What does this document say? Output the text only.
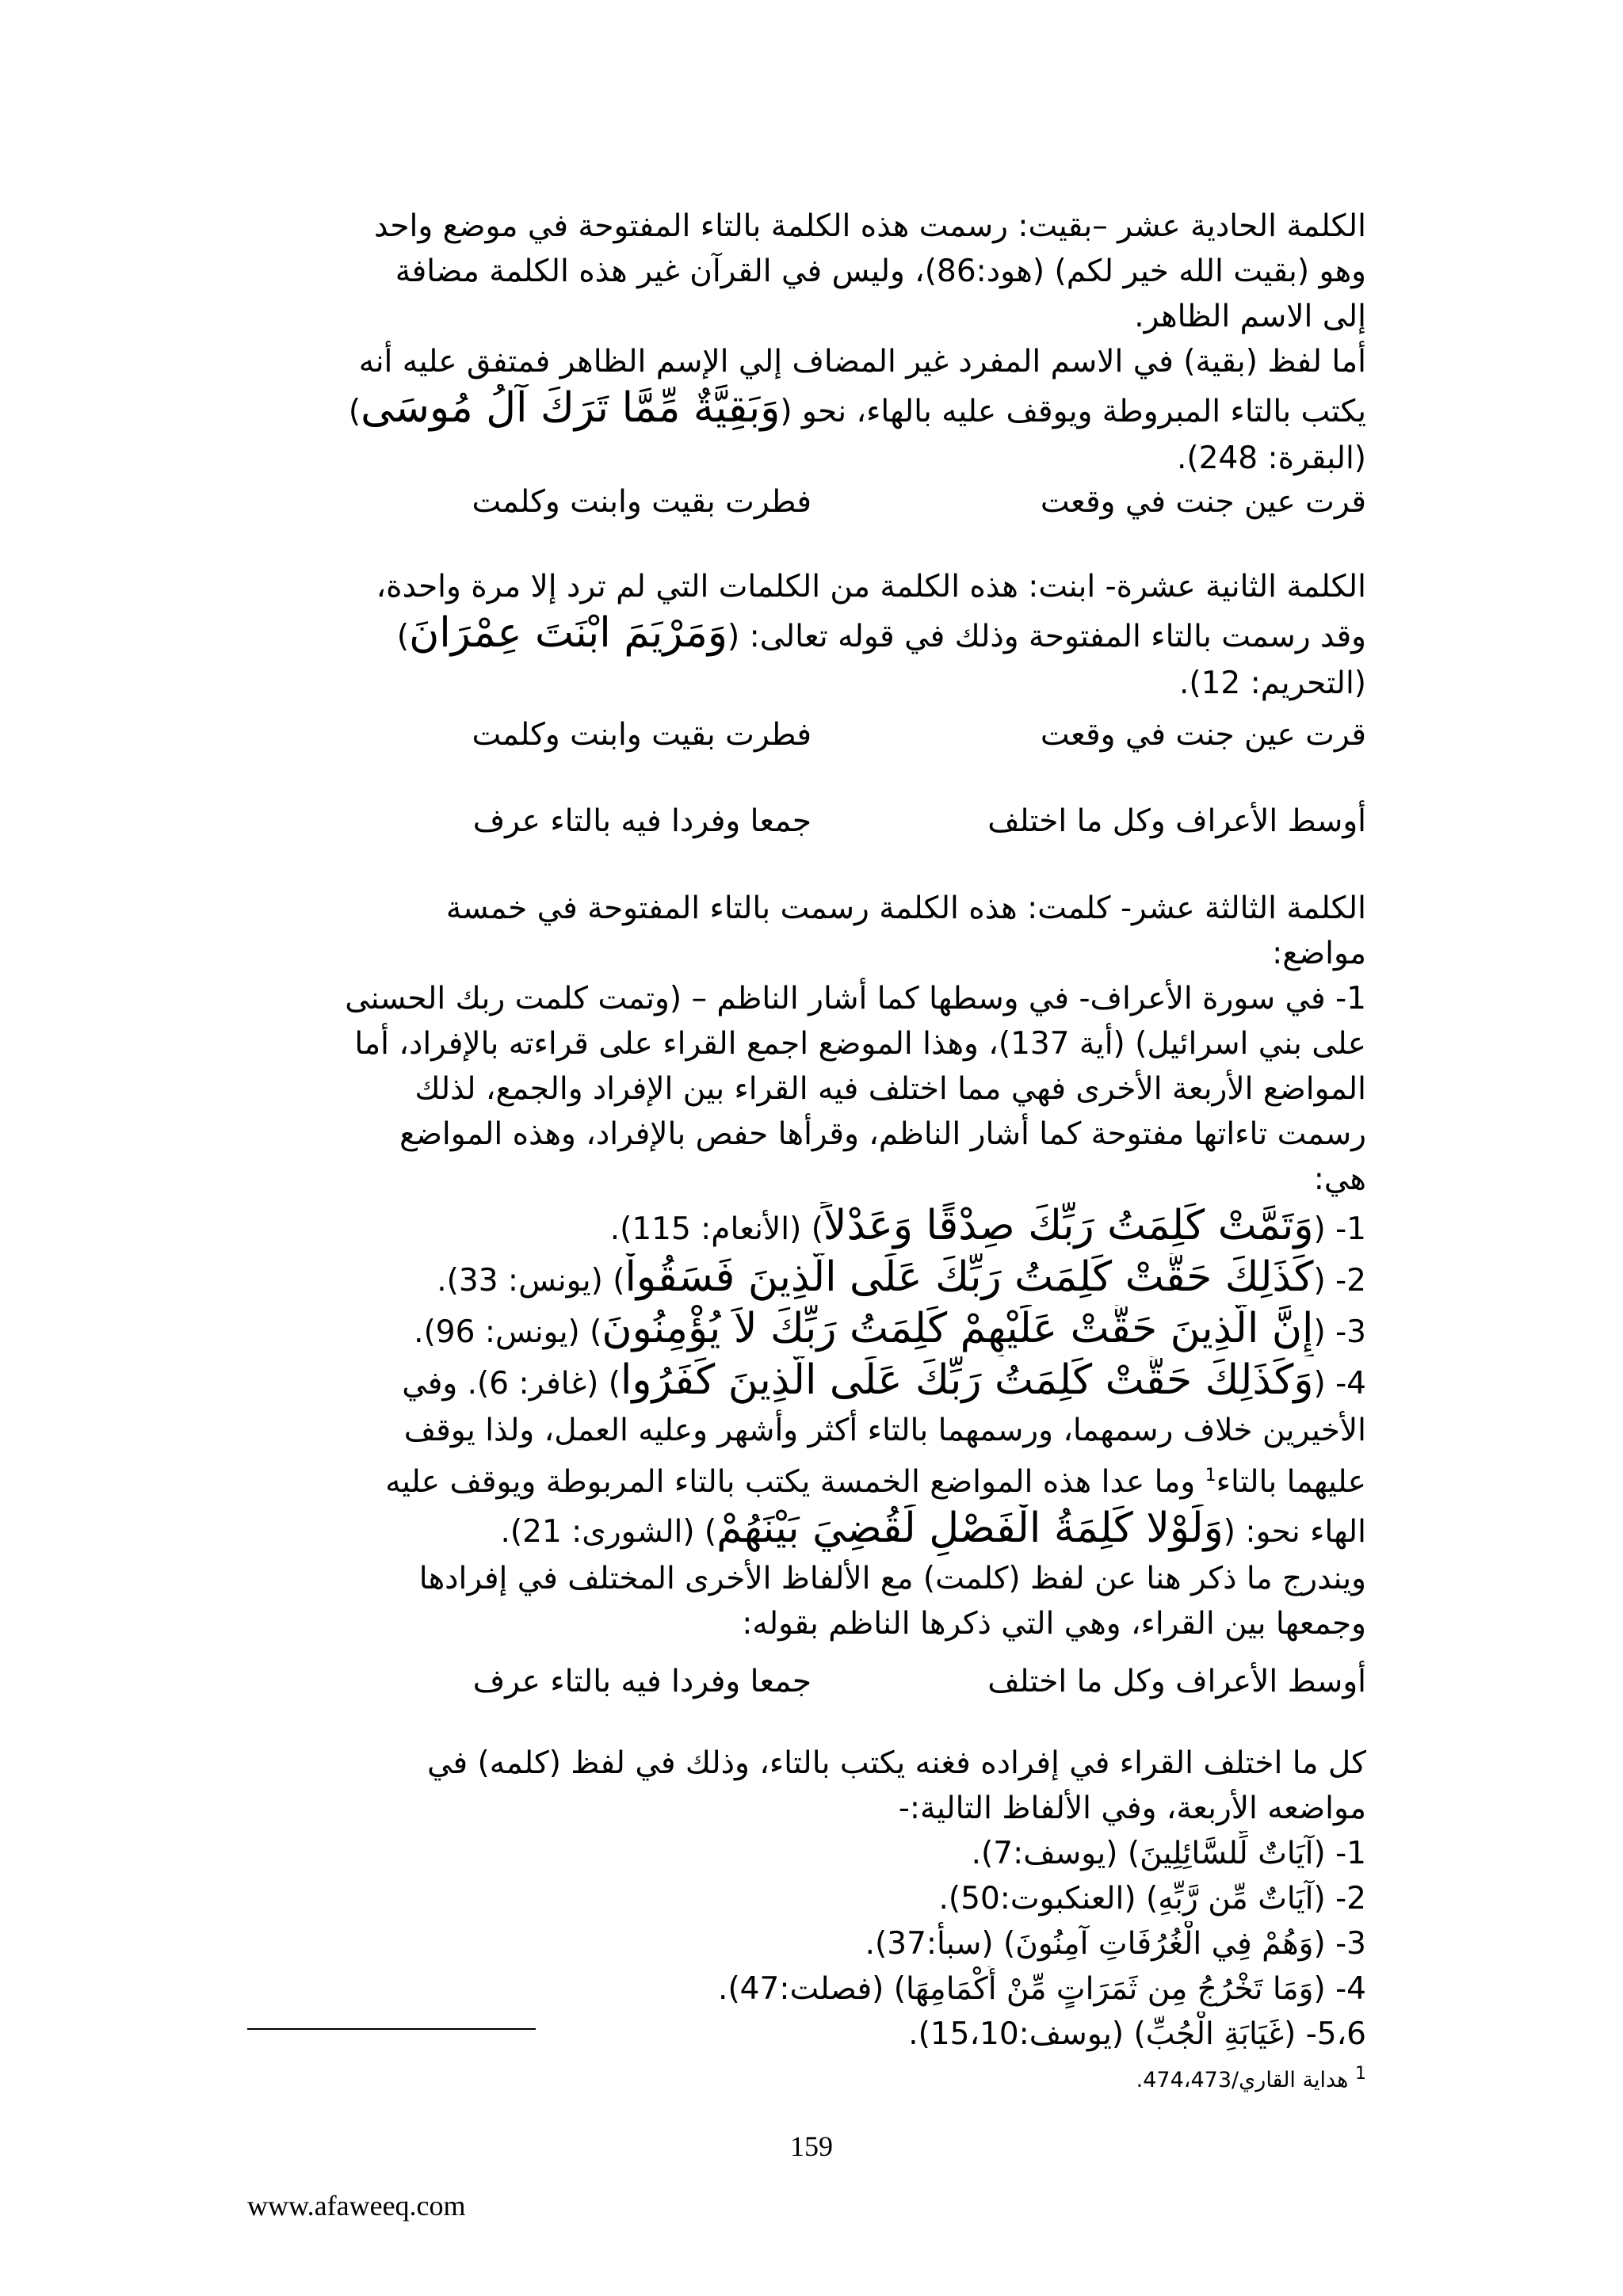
الكلمة الحادية عشر –بقيت: رسمت هذه الكلمة بالتاء المفتوحة في موضع واحد
وهو (بقيت الله خير لكم) (هود:86)، وليس في القرآن غير هذه الكلمة مضافة
إلى الاسم الظاهر.
أما لفظ (بقية) في الاسم المفرد غير المضاف إلي الإسم الظاهر فمتفق عليه أنه
يكتب بالتاء المبروطة ويوقف عليه بالهاء، نحو (وَبَقِيَّةٌ مِّمَّا تَرَكَ آلُ مُوسَى)
(البقرة: 248).
قرت عين جنت في وقعت
فطرت بقيت وابنت وكلمت
الكلمة الثانية عشرة- ابنت: هذه الكلمة من الكلمات التي لم ترد إلا مرة واحدة،
وقد رسمت بالتاء المفتوحة وذلك في قوله تعالى: (وَمَرْيَمَ ابْنَتَ عِمْرَانَ)
(التحريم: 12).
قرت عين جنت في وقعت
فطرت بقيت وابنت وكلمت
أوسط الأعراف وكل ما اختلف
جمعا وفردا فيه بالتاء عرف
الكلمة الثالثة عشر- كلمت: هذه الكلمة رسمت بالتاء المفتوحة في خمسة
مواضع:
1- في سورة الأعراف- في وسطها كما أشار الناظم – (وتمت كلمت ربك الحسنى
على بني اسرائيل) (أية 137)، وهذا الموضع اجمع القراء على قراءته بالإفراد، أما
المواضع الأربعة الأخرى فهي مما اختلف فيه القراء بين الإفراد والجمع، لذلك
رسمت تاءاتها مفتوحة كما أشار الناظم، وقرأها حفص بالإفراد، وهذه المواضع
هي:
1- (وَتَمَّتْ كَلِمَتُ رَبِّكَ صِدْقًا وَعَدْلاً) (الأنعام: 115).
2- (كَذَلِكَ حَقَّتْ كَلِمَتُ رَبِّكَ عَلَى الَّذِينَ فَسَقُواْ) (يونس: 33).
3- (إِنَّ الَّذِينَ حَقَّتْ عَلَيْهِمْ كَلِمَتُ رَبِّكَ لاَ يُؤْمِنُونَ) (يونس: 96).
4- (وَكَذَلِكَ حَقَّتْ كَلِمَتُ رَبِّكَ عَلَى الَّذِينَ كَفَرُوا) (غافر: 6). وفي
الأخيرين خلاف رسمهما، ورسمهما بالتاء أكثر وأشهر وعليه العمل، ولذا يوقف
عليهما بالتاء$^1$ وما عدا هذه المواضع الخمسة يكتب بالتاء المربوطة ويوقف عليه
الهاء نحو: (وَلَوْلا كَلِمَةُ الْفَصْلِ لَقُضِيَ بَيْنَهُمْ) (الشورى: 21).
ويندرج ما ذكر هنا عن لفظ (كلمت) مع الألفاظ الأخرى المختلف في إفرادها
وجمعها بين القراء، وهي التي ذكرها الناظم بقوله:
أوسط الأعراف وكل ما اختلف
جمعا وفردا فيه بالتاء عرف
كل ما اختلف القراء في إفراده فغنه يكتب بالتاء، وذلك في لفظ (كلمه) في
مواضعه الأربعة، وفي الألفاظ التالية:-
1- (آيَاتٌ لِّلسَّائِلِينَ) (يوسف:7).
2- (آيَاتٌ مِّن رَّبِّهِ) (العنكبوت:50).
3- (وَهُمْ فِي الْغُرُفَاتِ آمِنُونَ) (سبأ:37).
4- (وَمَا تَخْرُجُ مِن ثَمَرَاتٍ مِّنْ أَكْمَامِهَا) (فصلت:47).
5،6- (غَيَابَةِ الْجُبِّ) (يوسف:15،10).
$^1$ هداية القاري/474،473.
159
www.afaweeq.com
